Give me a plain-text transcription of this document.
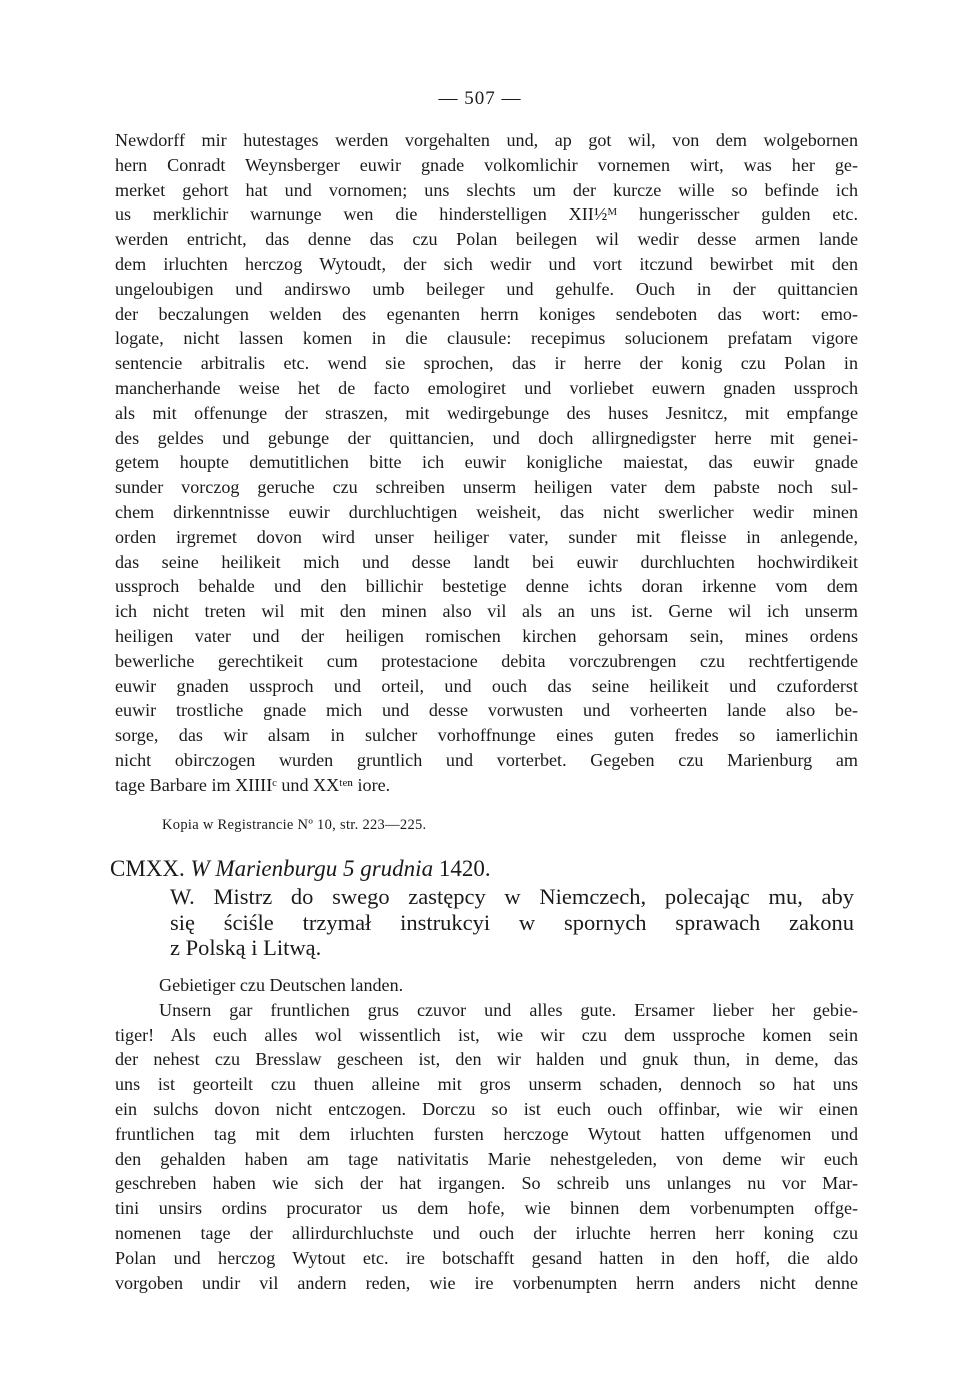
— 507 —
Newdorff mir hutestages werden vorgehalten und, ap got wil, von dem wolgebornen
hern Conradt Weynsberger euwir gnade volkomlichir vornemen wirt, was her ge-
merket gehort hat und vornomen; uns slechts um der kurcze wille so befinde ich
us merklichir warnunge wen die hinderstelligen XII½ᴹ hungerisscher gulden etc.
werden entricht, das denne das czu Polan beilegen wil wedir desse armen lande
dem irluchten herczog Wytoudt, der sich wedir und vort itczund bewirbet mit den
ungeloubigen und andirswo umb beileger und gehulfe. Ouch in der quittancien
der beczalungen welden des egenanten herrn koniges sendeboten das wort: emo-
logate, nicht lassen komen in die clausule: recepimus solucionem prefatam vigore
sentencie arbitralis etc. wend sie sprochen, das ir herre der konig czu Polan in
mancherhande weise het de facto emologiret und vorliebet euwern gnaden ussproch
als mit offenunge der straszen, mit wedirgebunge des huses Jesnitcz, mit empfange
des geldes und gebunge der quittancien, und doch allirgnedigster herre mit genei-
getem houpte demutitlichen bitte ich euwir konigliche maiestat, das euwir gnade
sunder vorczog geruche czu schreiben unserm heiligen vater dem pabste noch sul-
chem dirkenntnisse euwir durchluchtigen weisheit, das nicht swerlicher wedir minen
orden irgremet dovon wird unser heiliger vater, sunder mit fleisse in anlegende,
das seine heilikeit mich und desse landt bei euwir durchluchten hochwirdikeit
ussproch behalde und den billichir bestetige denne ichts doran irkenne vom dem
ich nicht treten wil mit den minen also vil als an uns ist. Gerne wil ich unserm
heiligen vater und der heiligen romischen kirchen gehorsam sein, mines ordens
bewerliche gerechtikeit cum protestacione debita vorczubrengen czu rechtfertigende
euwir gnaden ussproch und orteil, und ouch das seine heilikeit und czuforderst
euwir trostliche gnade mich und desse vorwusten und vorheerten lande also be-
sorge, das wir alsam in sulcher vorhoffnunge eines guten fredes so iamerlichin
nicht obirczogen wurden gruntlich und vorterbet. Gegeben czu Marienburg am
tage Barbare im XIIIIᶜ und XXᵗᵉⁿ iore.
Kopia w Registrancie Nº 10, str. 223—225.
CMXX. W Marienburgu 5 grudnia 1420.
W. Mistrz do swego zastępcy w Niemczech, polecając mu, aby
się ściśle trzymał instrukcyi w spornych sprawach zakonu
z Polską i Litwą.
Gebietiger czu Deutschen landen.
Unsern gar fruntlichen grus czuvor und alles gute. Ersamer lieber her gebie-
tiger! Als euch alles wol wissentlich ist, wie wir czu dem ussproche komen sein
der nehest czu Bresslaw gescheen ist, den wir halden und gnuk thun, in deme, das
uns ist georteilt czu thuen alleine mit gros unserm schaden, dennoch so hat uns
ein sulchs dovon nicht entczogen. Dorczu so ist euch ouch offinbar, wie wir einen
fruntlichen tag mit dem irluchten fursten herczoge Wytout hatten uffgenomen und
den gehalden haben am tage nativitatis Marie nehestgeleden, von deme wir euch
geschreben haben wie sich der hat irgangen. So schreib uns unlanges nu vor Mar-
tini unsirs ordins procurator us dem hofe, wie binnen dem vorbenumpten offge-
nomenen tage der allirdurchluchste und ouch der irluchte herren herr koning czu
Polan und herczog Wytout etc. ire botschafft gesand hatten in den hoff, die aldo
vorgoben undir vil andern reden, wie ire vorbenumpten herrn anders nicht denne
